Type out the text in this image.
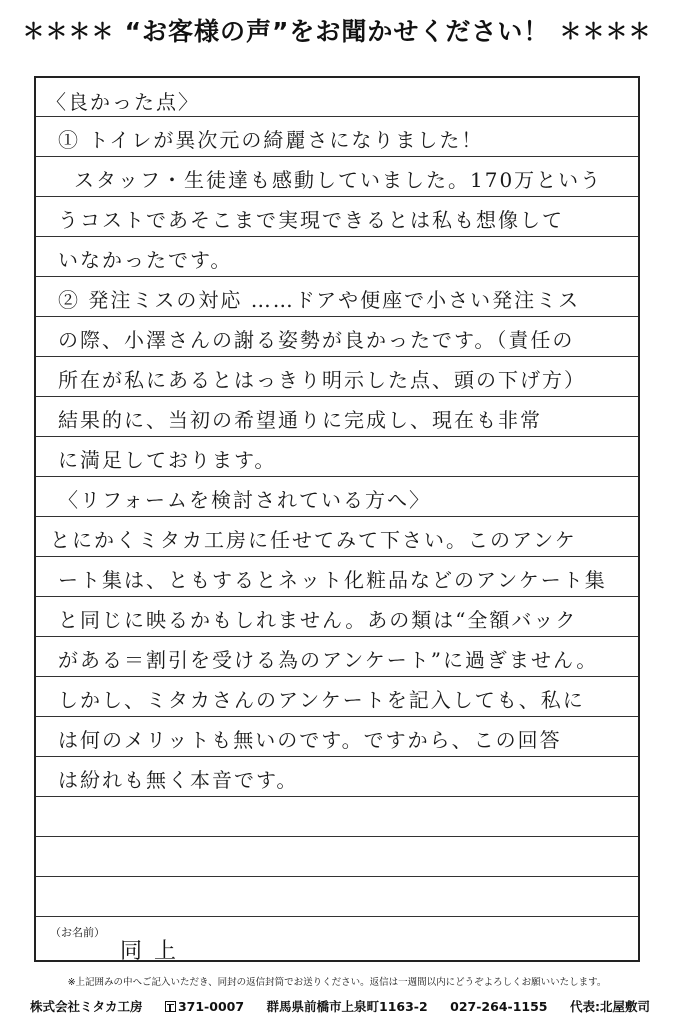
＊＊＊＊ “お客様の声”をお聞かせください！ ＊＊＊＊
〈良かった点〉
① トイレが異次元の綺麗さになりました！
スタッフ・生徒達も感動していました。170万という
うコストであそこまで実現できるとは私も想像して
いなかったです。
② 発注ミスの対応 ……ドアや便座で小さい発注ミス
の際、小澤さんの謝る姿勢が良かったです。（責任の
所在が私にあるとはっきり明示した点、頭の下げ方）
結果的に、当初の希望通りに完成し、現在も非常
に満足しております。
〈リフォームを検討されている方へ〉
とにかくミタカ工房に任せてみて下さい。このアンケ
ート集は、ともするとネット化粧品などのアンケート集
と同じに映るかもしれません。あの類は“全額バック
がある＝割引を受ける為のアンケート”に過ぎません。
しかし、ミタカさんのアンケートを記入しても、私に
は何のメリットも無いのです。ですから、この回答
は紛れも無く本音です。
（お名前）
同上
※上記囲みの中へご記入いただき、同封の返信封筒でお送りください。返信は一週間以内にどうぞよろしくお願いいたします。
株式会社ミタカ工房	371-0007 群馬県前橋市上泉町1163-2 027-264-1155 代表:北屋敷司
